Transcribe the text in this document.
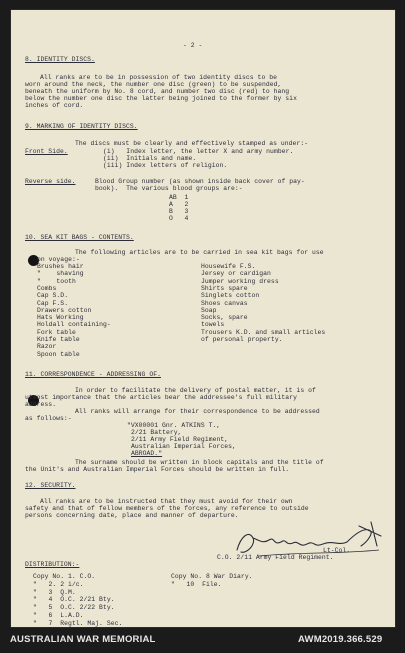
- 2 -
8. IDENTITY DISCS.
All ranks are to be in possession of two identity discs to be
worn around the neck, the number one disc (green) to be suspended,
beneath the uniform by No. 8 cord, and number two disc (red) to hang
below the number one disc the latter being joined to the former by six
inches of cord.
9. MARKING OF IDENTITY DISCS.
The discs must be clearly and effectively stamped as under:-
Front Side.	(i)   Index letter, the letter X and army number.
(ii)  Initials and name.
(iii) Index letters of religion.
Reverse side.	Blood Group number (as shown inside back cover of pay-
book).  The various blood groups are:-
AB  1
A   2
B   3
O   4
10. SEA KIT BAGS - CONTENTS.
The following articles are to be carried in sea kit bags for use
on voyage:-
Brushes hair
"    shaving
"    tooth
Combs
Cap S.D.
Cap F.S.
Drawers cotton
Hats Working
Holdall containing-
Fork table
Knife table
Razor
Spoon table
Housewife F.S.
Jersey or cardigan
Jumper working dress
Shirts spare
Singlets cotton
Shoes canvas
Soap
Socks, spare
towels
Trousers K.D. and small articles
of personal property.
11. CORRESPONDENCE - ADDRESSING OF.
In order to facilitate the delivery of postal matter, it is of
utmost importance that the articles bear the addressee's full military
address.
All ranks will arrange for their correspondence to be addressed
as follows:-
"VX00001 Gnr. ATKINS T.,
2/21 Battery,
2/11 Army Field Regiment,
Australian Imperial Forces,
ABROAD."
The surname should be written in block capitals and the title of
the Unit's and Australian Imperial Forces should be written in full.
12. SECURITY.
All ranks are to be instructed that they must avoid for their own
safety and that of fellow members of the forces, any reference to outside
persons concerning date, place and manner of departure.
Lt-Col.
C.O. 2/11 Army Field Regiment.
DISTRIBUTION:-
Copy No. 1. C.O.
"   2. 2 i/c.
"   3  Q.M.
"   4  O.C. 2/21 Bty.
"   5  O.C. 2/22 Bty.
"   6  L.A.D.
"   7  Regtl. Maj. Sec.
Copy No. 8 War Diary.
"   10  File.
AUSTRALIAN WAR MEMORIAL	AWM2019.366.529
